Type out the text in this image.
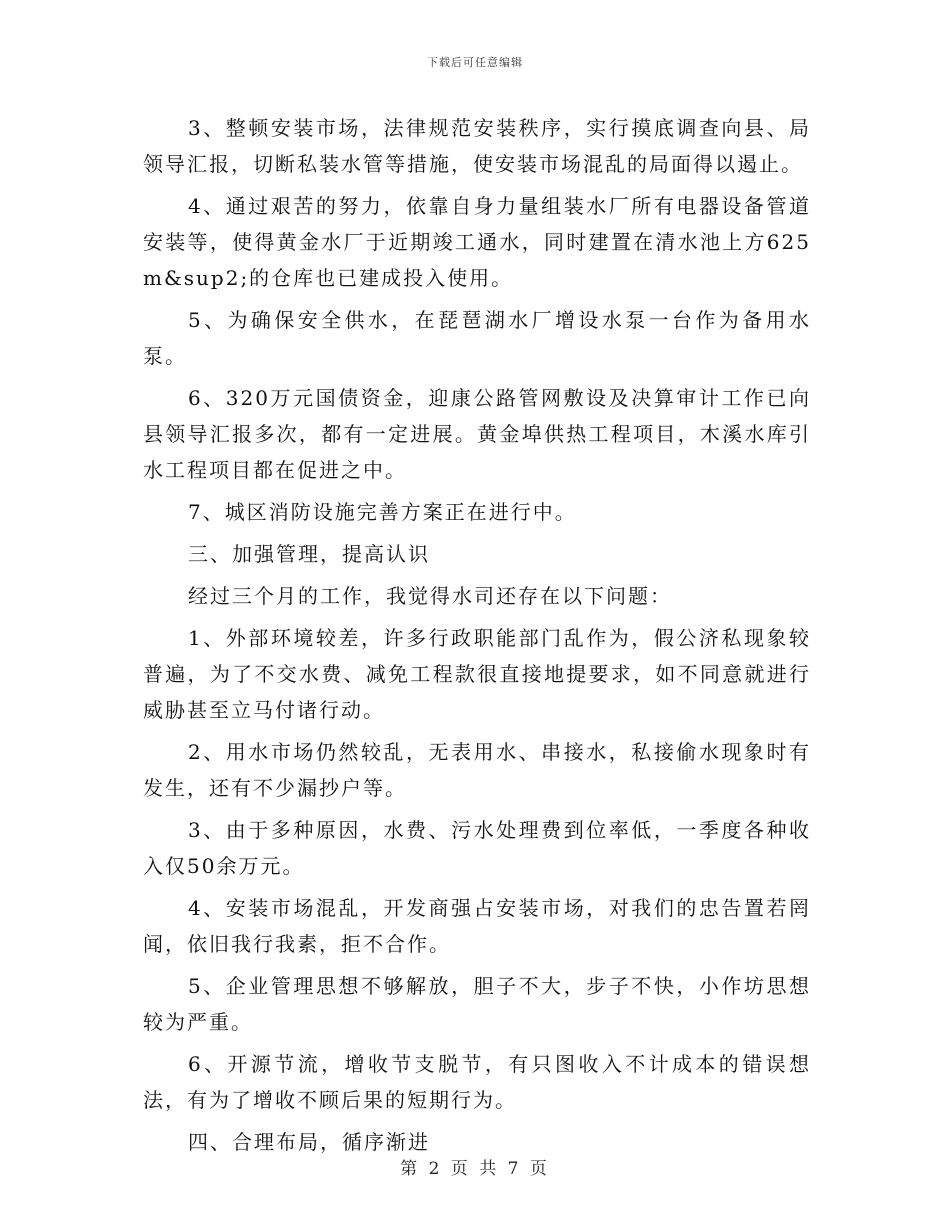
下载后可任意编辑

3、整顿安装市场，法律规范安装秩序，实行摸底调查向县、局领导汇报，切断私装水管等措施，使安装市场混乱的局面得以遏止。

4、通过艰苦的努力，依靠自身力量组装水厂所有电器设备管道安装等，使得黄金水厂于近期竣工通水，同时建置在清水池上方625m&sup2;的仓库也已建成投入使用。

5、为确保安全供水，在琵琶湖水厂增设水泵一台作为备用水泵。

6、320万元国债资金，迎康公路管网敷设及决算审计工作已向县领导汇报多次，都有一定进展。黄金埠供热工程项目，木溪水库引水工程项目都在促进之中。

7、城区消防设施完善方案正在进行中。

三、加强管理，提高认识

经过三个月的工作，我觉得水司还存在以下问题：

1、外部环境较差，许多行政职能部门乱作为，假公济私现象较普遍，为了不交水费、减免工程款很直接地提要求，如不同意就进行威胁甚至立马付诸行动。

2、用水市场仍然较乱，无表用水、串接水，私接偷水现象时有发生，还有不少漏抄户等。

3、由于多种原因，水费、污水处理费到位率低，一季度各种收入仅50余万元。

4、安装市场混乱，开发商强占安装市场，对我们的忠告置若罔闻，依旧我行我素，拒不合作。

5、企业管理思想不够解放，胆子不大，步子不快，小作坊思想较为严重。

6、开源节流，增收节支脱节，有只图收入不计成本的错误想法，有为了增收不顾后果的短期行为。

四、合理布局，循序渐进

第 2 页 共 7 页
